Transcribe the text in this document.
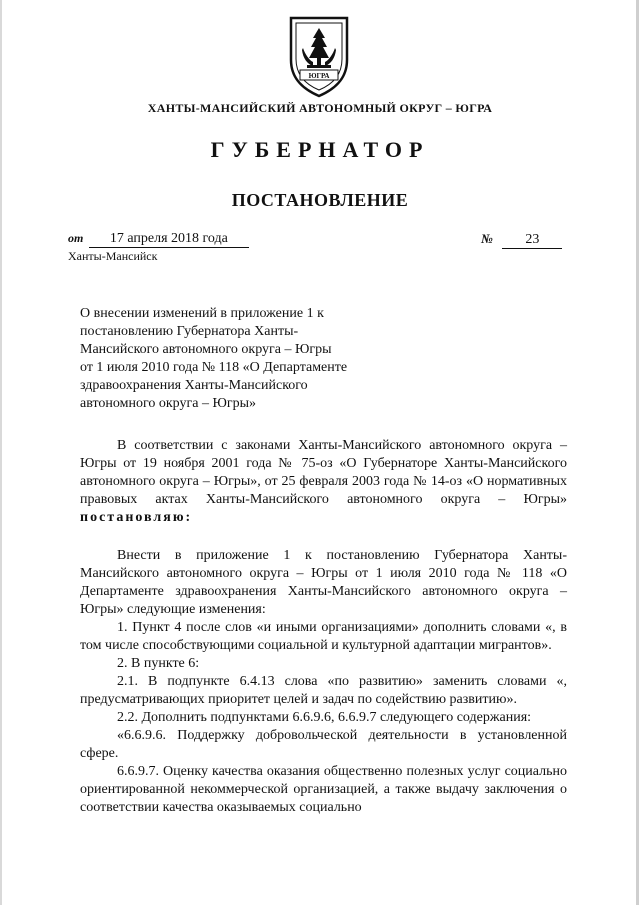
ЮГРА
ХАНТЫ-МАНСИЙСКИЙ АВТОНОМНЫЙ ОКРУГ – ЮГРА
ГУБЕРНАТОР
ПОСТАНОВЛЕНИЕ
от 17 апреля 2018 года	№ 23
Ханты-Мансийск
О внесении изменений в приложение 1 к
постановлению Губернатора Ханты-
Мансийского автономного округа – Югры
от 1 июля 2010 года № 118 «О Департаменте
здравоохранения Ханты-Мансийского
автономного округа – Югры»

В соответствии с законами Ханты-Мансийского автономного округа – Югры от 19 ноября 2001 года № 75-оз «О Губернаторе Ханты-Мансийского автономного округа – Югры», от 25 февраля 2003 года № 14-оз «О нормативных правовых актах Ханты-Мансийского автономного округа – Югры» постановляю:

Внести в приложение 1 к постановлению Губернатора Ханты-Мансийского автономного округа – Югры от 1 июля 2010 года № 118 «О Департаменте здравоохранения Ханты-Мансийского автономного округа – Югры» следующие изменения:

1. Пункт 4 после слов «и иными организациями» дополнить словами «, в том числе способствующими социальной и культурной адаптации мигрантов».

2. В пункте 6:

2.1. В подпункте 6.4.13 слова «по развитию» заменить словами «, предусматривающих приоритет целей и задач по содействию развитию».

2.2. Дополнить подпунктами 6.6.9.6, 6.6.9.7 следующего содержания:

«6.6.9.6. Поддержку добровольческой деятельности в установленной сфере.

6.6.9.7. Оценку качества оказания общественно полезных услуг социально ориентированной некоммерческой организацией, а также выдачу заключения о соответствии качества оказываемых социально
